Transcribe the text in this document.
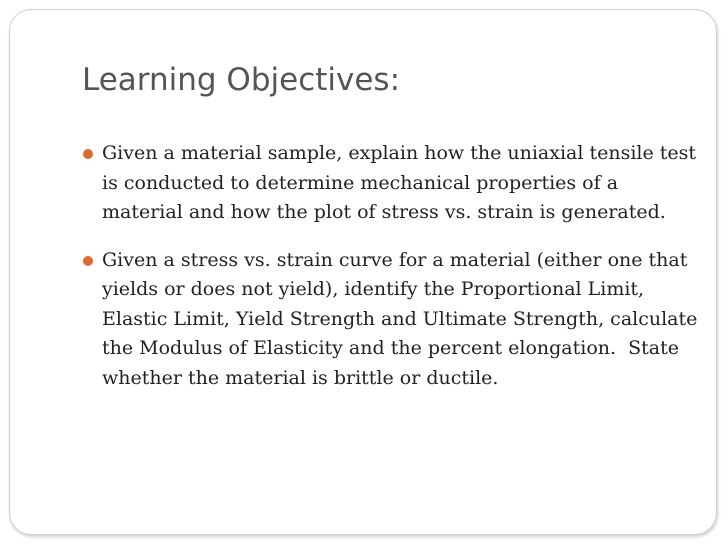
Learning Objectives:
Given a material sample, explain how the uniaxial tensile test
is conducted to determine mechanical properties of a
material and how the plot of stress vs. strain is generated.
Given a stress vs. strain curve for a material (either one that
yields or does not yield), identify the Proportional Limit,
Elastic Limit, Yield Strength and Ultimate Strength, calculate
the Modulus of Elasticity and the percent elongation.  State
whether the material is brittle or ductile.
